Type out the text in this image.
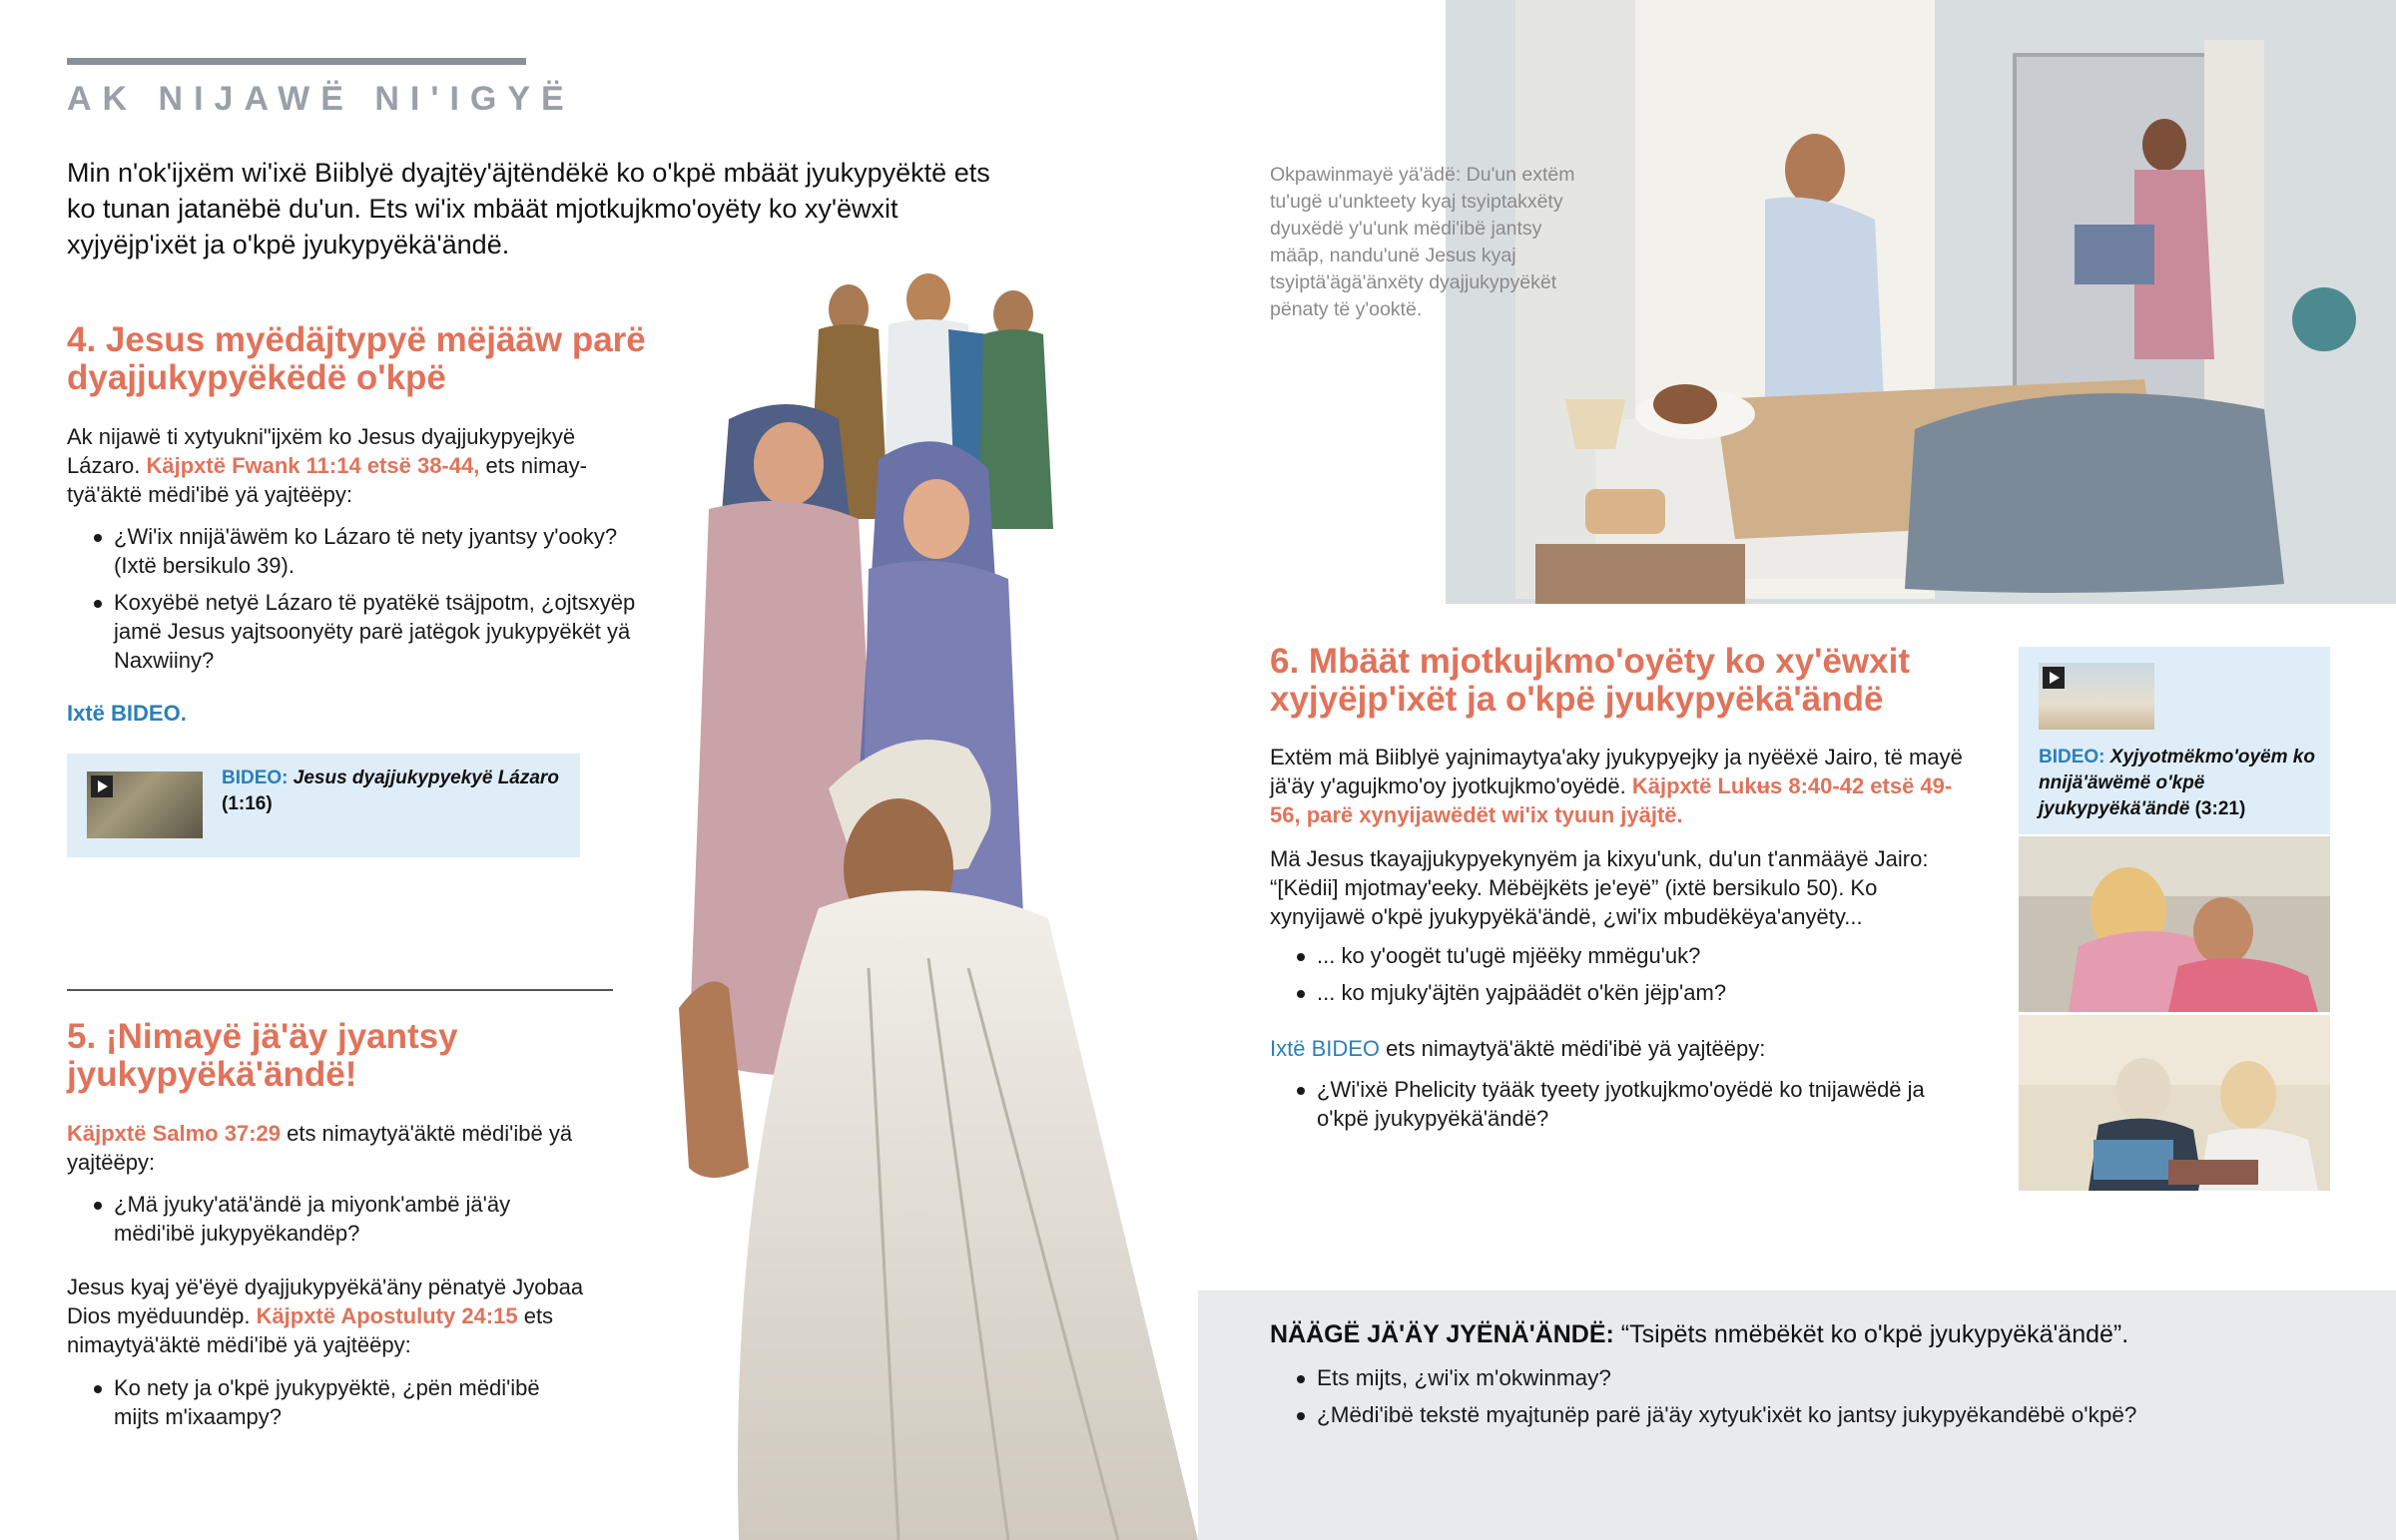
AK NIJAWË NI'IGYË

Min n'ok'ijxëm wi'ixë Biiblyë dyajtëy'äjtëndëkë ko o'kpë mbäät jyukypyëktë ets ko tunan jatanëbë du'un. Ets wi'ix mbäät mjotkujkmo'oyëty ko xy'ëwxit xyjyëjp'ixët ja o'kpë jyukypyëkä'ändë.

4. Jesus myëdäjtypyë mëjääw parë dyajjukypyëkëdë o'kpë

Ak nijawë ti xytyukni"ijxëm ko Jesus dyajjukypyejkyë Lázaro. Käjpxtë Fwank 11:14 etsë 38-44, ets nimay-tyä'äktë mëdi'ibë yä yajtëëpy:

¿Wi'ix nnijä'äwëm ko Lázaro të nety jyantsy y'ooky? (Ixtë bersikulo 39).
Koxyëbë netyë Lázaro të pyatëkë tsäjpotm, ¿ojtsxyëp jamë Jesus yajtsoonyëty parë jatëgok jyukypyëkët yä Naxwiiny?

Ixtë BIDEO.

BIDEO: Jesus dyajjukypyekyë Lázaro
(1:16)
5. ¡Nimayë jä'äy jyantsy jyukypyëkä'ändë!

Käjpxtë Salmo 37:29 ets nimaytyä'äktë mëdi'ibë yä yajtëëpy:

¿Mä jyuky'atä'ändë ja miyonk'ambë jä'äy mëdi'ibë jukypyëkandëp?

Jesus kyaj yë'ëyë dyajjukypyëkä'äny pënatyë Jyobaa Dios myëduundëp. Käjpxtë Apostuluty 24:15 ets nimaytyä'äktë mëdi'ibë yä yajtëëpy:

Ko nety ja o'kpë jyukypyëktë, ¿pën mëdi'ibë mijts m'ixaampy?

Okpawinmayë yä'ädë: Du'un extëm tu'ugë u'unkteety kyaj tsyiptakxëty dyuxëdë y'u'unk mëdi'ibë jantsy mäāp, nandu'unë Jesus kyaj tsyiptä'ägä'änxëty dyajjukypyëkët pënaty të y'ooktë.

6. Mbäät mjotkujkmo'oyëty ko xy'ëwxit xyjyëjp'ixët ja o'kpë jyukypyëkä'ändë

Extëm mä Biiblyë yajnimaytya'aky jyukypyejky ja nyëëxë Jairo, të mayë jä'äy y'agujkmo'oy jyotkujkmo'oyëdë. Käjpxtë Lukʉs 8:40-42 etsë 49-56, parë xynyijawëdët wi'ix tyuun jyäjtë.

Mä Jesus tkayajjukypyekynyëm ja kixyu'unk, du'un t'anmääyë Jairo: “[Këdii] mjotmay'eeky. Mëbëjkëts je'eyë” (ixtë bersikulo 50). Ko xynyijawë o'kpë jyukypyëkä'ändë, ¿wi'ix mbudëkëya'anyëty...

... ko y'oogët tu'ugë mjëëky mmëgu'uk?
... ko mjuky'äjtën yajpäädët o'kën jëjp'am?

Ixtë BIDEO ets nimaytyä'äktë mëdi'ibë yä yajtëëpy:

¿Wi'ixë Phelicity tyääk tyeety jyotkujkmo'oyëdë ko tnijawëdë ja o'kpë jyukypyëkä'ändë?
BIDEO: Xyjyotmëkmo'oyëm ko nnijä'äwëmë o'kpë jyukypyëkä'ändë (3:21)

NÄÄGË JÄ'ÄY JYËNÄ'ÄNDË: “Tsipëts nmëbëkët ko o'kpë jyukypyëkä'ändë”.

Ets mijts, ¿wi'ix m'okwinmay?
¿Mëdi'ibë tekstë myajtunëp parë jä'äy xytyuk'ixët ko jantsy jukypyëkandëbë o'kpë?
